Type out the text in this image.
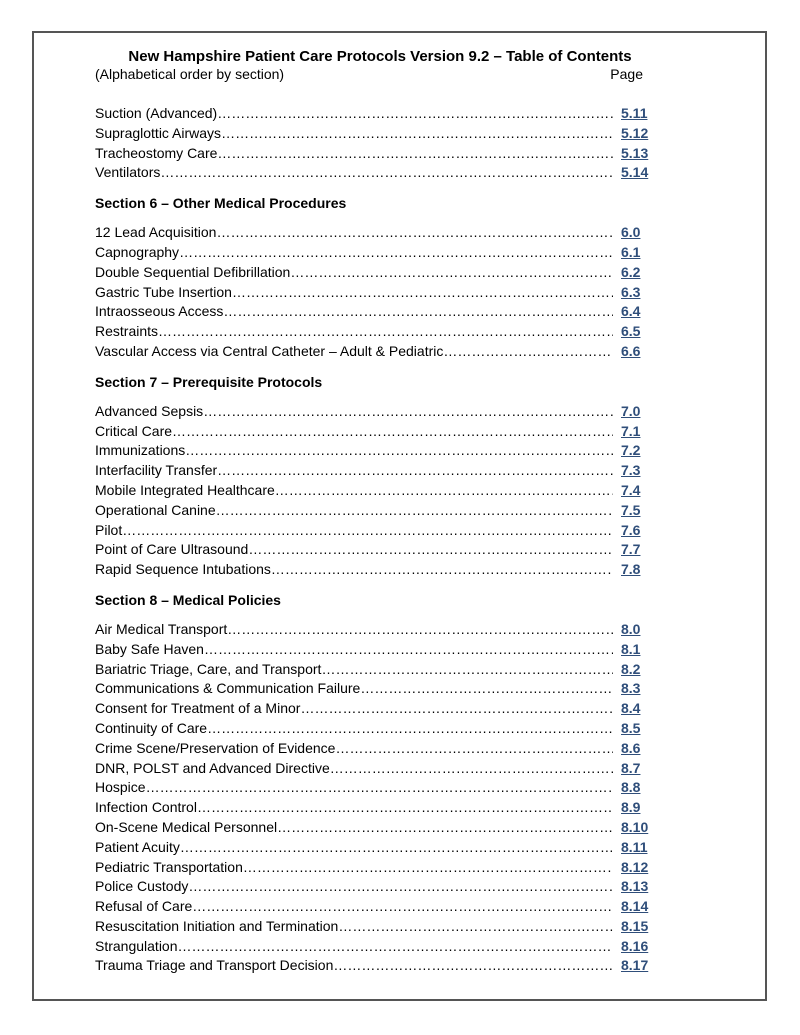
New Hampshire Patient Care Protocols Version 9.2 – Table of Contents
(Alphabetical order by section)	Page
Suction (Advanced) ……………………………………………………………………………………………………………………………………………………………………	5.11
Supraglottic Airways ……………………………………………………………………………………………………………………………………………………………………	5.12
Tracheostomy Care ……………………………………………………………………………………………………………………………………………………………………	5.13
Ventilators ……………………………………………………………………………………………………………………………………………………………………	5.14
Section 6 – Other Medical Procedures
12 Lead Acquisition ……………………………………………………………………………………………………………………………………………………………………	6.0
Capnography ……………………………………………………………………………………………………………………………………………………………………	6.1
Double Sequential Defibrillation ……………………………………………………………………………………………………………………………………………………………………	6.2
Gastric Tube Insertion ……………………………………………………………………………………………………………………………………………………………………	6.3
Intraosseous Access ……………………………………………………………………………………………………………………………………………………………………	6.4
Restraints ……………………………………………………………………………………………………………………………………………………………………	6.5
Vascular Access via Central Catheter – Adult & Pediatric ……………………………………………………………………………………………………………………………………………………………………	6.6
Section 7 – Prerequisite Protocols
Advanced Sepsis ……………………………………………………………………………………………………………………………………………………………………	7.0
Critical Care ……………………………………………………………………………………………………………………………………………………………………	7.1
Immunizations ……………………………………………………………………………………………………………………………………………………………………	7.2
Interfacility Transfer ……………………………………………………………………………………………………………………………………………………………………	7.3
Mobile Integrated Healthcare ……………………………………………………………………………………………………………………………………………………………………	7.4
Operational Canine ……………………………………………………………………………………………………………………………………………………………………	7.5
Pilot ……………………………………………………………………………………………………………………………………………………………………	7.6
Point of Care Ultrasound ……………………………………………………………………………………………………………………………………………………………………	7.7
Rapid Sequence Intubations ……………………………………………………………………………………………………………………………………………………………………	7.8
Section 8 – Medical Policies
Air Medical Transport ……………………………………………………………………………………………………………………………………………………………………	8.0
Baby Safe Haven ……………………………………………………………………………………………………………………………………………………………………	8.1
Bariatric Triage, Care, and Transport ……………………………………………………………………………………………………………………………………………………………………	8.2
Communications & Communication Failure ……………………………………………………………………………………………………………………………………………………………………	8.3
Consent for Treatment of a Minor ……………………………………………………………………………………………………………………………………………………………………	8.4
Continuity of Care ……………………………………………………………………………………………………………………………………………………………………	8.5
Crime Scene/Preservation of Evidence ……………………………………………………………………………………………………………………………………………………………………	8.6
DNR, POLST and Advanced Directive ……………………………………………………………………………………………………………………………………………………………………	8.7
Hospice ……………………………………………………………………………………………………………………………………………………………………	8.8
Infection Control ……………………………………………………………………………………………………………………………………………………………………	8.9
On-Scene Medical Personnel ……………………………………………………………………………………………………………………………………………………………………	8.10
Patient Acuity ……………………………………………………………………………………………………………………………………………………………………	8.11
Pediatric Transportation ……………………………………………………………………………………………………………………………………………………………………	8.12
Police Custody ……………………………………………………………………………………………………………………………………………………………………	8.13
Refusal of Care ……………………………………………………………………………………………………………………………………………………………………	8.14
Resuscitation Initiation and Termination ……………………………………………………………………………………………………………………………………………………………………	8.15
Strangulation ……………………………………………………………………………………………………………………………………………………………………	8.16
Trauma Triage and Transport Decision ……………………………………………………………………………………………………………………………………………………………………	8.17
